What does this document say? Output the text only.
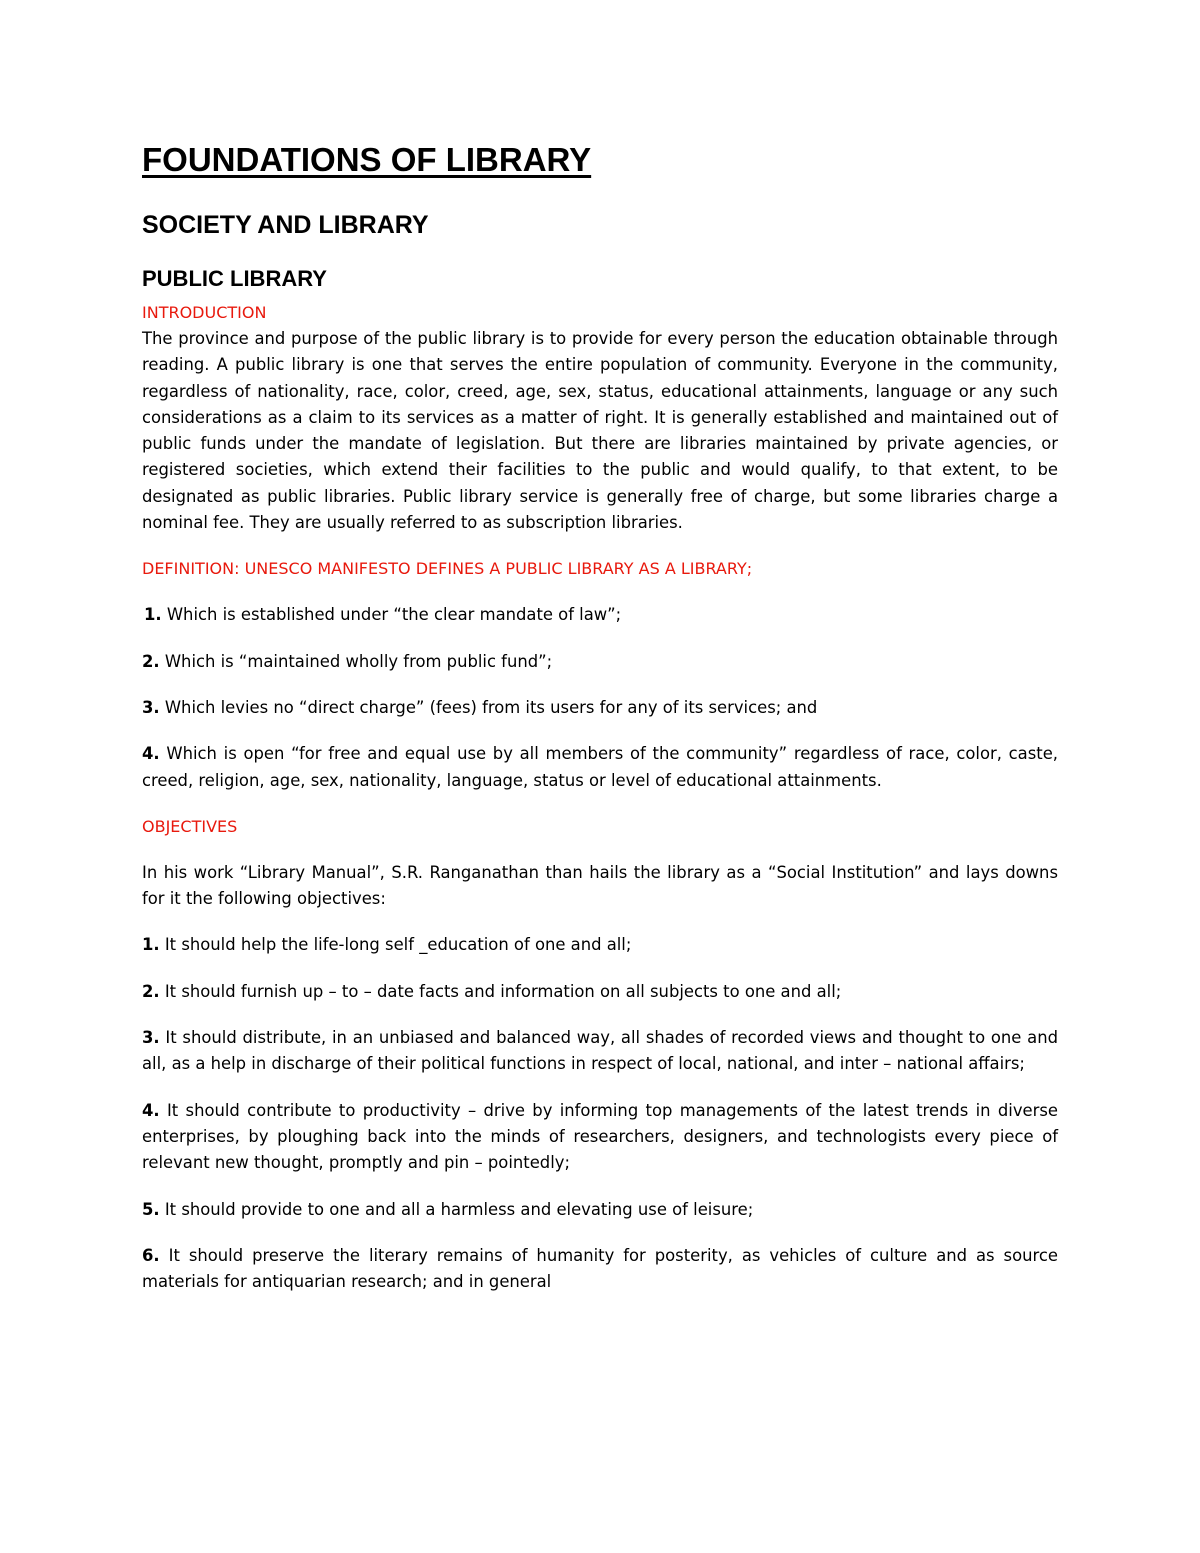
FOUNDATIONS OF LIBRARY
SOCIETY AND LIBRARY
PUBLIC LIBRARY

INTRODUCTION

The province and purpose of the public library is to provide for every person the education obtainable through reading. A public library is one that serves the entire population of community. Everyone in the community, regardless of nationality, race, color, creed, age, sex, status, educational attainments, language or any such considerations as a claim to its services as a matter of right. It is generally established and maintained out of public funds under the mandate of legislation. But there are libraries maintained by private agencies, or registered societies, which extend their facilities to the public and would qualify, to that extent, to be designated as public libraries. Public library service is generally free of charge, but some libraries charge a nominal fee. They are usually referred to as subscription libraries.

DEFINITION: UNESCO MANIFESTO DEFINES A PUBLIC LIBRARY AS A LIBRARY;

1. Which is established under “the clear mandate of law”;

2. Which is “maintained wholly from public fund”;

3. Which levies no “direct charge” (fees) from its users for any of its services; and

4. Which is open “for free and equal use by all members of the community” regardless of race, color, caste, creed, religion, age, sex, nationality, language, status or level of educational attainments.

OBJECTIVES

In his work “Library Manual”, S.R. Ranganathan than hails the library as a “Social Institution” and lays downs for it the following objectives:

1. It should help the life-long self _education of one and all;

2. It should furnish up – to – date facts and information on all subjects to one and all;

3. It should distribute, in an unbiased and balanced way, all shades of recorded views and thought to one and all, as a help in discharge of their political functions in respect of local, national, and inter – national affairs;

4. It should contribute to productivity – drive by informing top managements of the latest trends in diverse enterprises, by ploughing back into the minds of researchers, designers, and technologists every piece of relevant new thought, promptly and pin – pointedly;

5. It should provide to one and all a harmless and elevating use of leisure;

6. It should preserve the literary remains of humanity for posterity, as vehicles of culture and as source materials for antiquarian research; and in general
